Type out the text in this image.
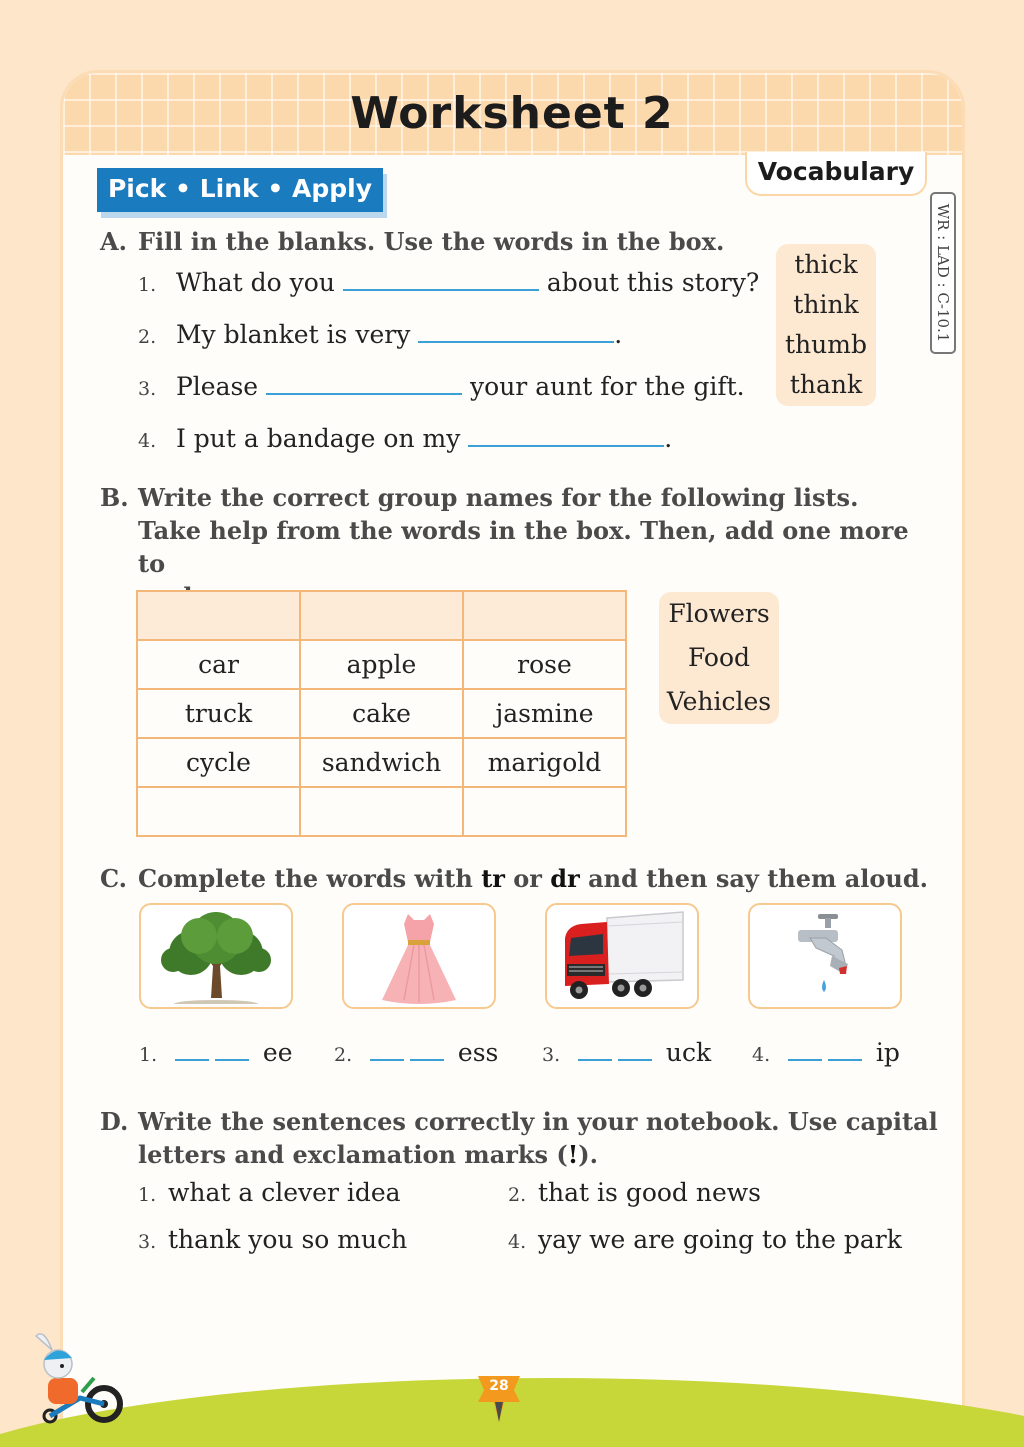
Worksheet 2
Vocabulary
WR : LAD : C-10.1
Pick • Link • Apply
A. Fill in the blanks. Use the words in the box.
1. What do you	about this story?
2. My blanket is very	.
3. Please	your aunt for the gift.
4. I put a bandage on my	.
thick
think
thumb
thank
B. Write the correct group names for the following lists.
Take help from the words in the box. Then, add one more to

car	apple	rose
truck	cake	jasmine
cycle	sandwich	marigold

Flowers
Food
Vehicles
C. Complete the words with tr or dr and then say them aloud.
1.	ee 2.	ess 3.	uck 4.	ip
D. Write the sentences correctly in your notebook. Use capital
letters and exclamation marks (!).
1. what a clever idea	2. that is good news
3. thank you so much	4. yay we are going to the park
28
